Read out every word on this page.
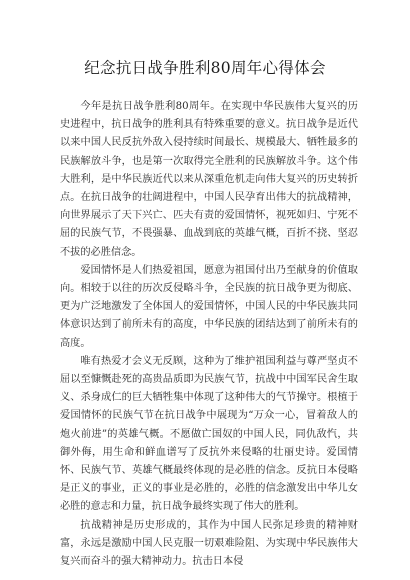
纪念抗日战争胜利80周年心得体会

今年是抗日战争胜利80周年。在实现中华民族伟大复兴的历史进程中，抗日战争的胜利具有特殊重要的意义。抗日战争是近代以来中国人民反抗外敌入侵持续时间最长、规模最大、牺牲最多的民族解放斗争，也是第一次取得完全胜利的民族解放斗争。这个伟大胜利，是中华民族近代以来从深重危机走向伟大复兴的历史转折点。在抗日战争的壮阔进程中，中国人民孕育出伟大的抗战精神，向世界展示了天下兴亡、匹夫有责的爱国情怀，视死如归、宁死不屈的民族气节，不畏强暴、血战到底的英雄气概，百折不挠、坚忍不拔的必胜信念。

爱国情怀是人们热爱祖国，愿意为祖国付出乃至献身的价值取向。相较于以往的历次反侵略斗争，全民族的抗日战争更为彻底、更为广泛地激发了全体国人的爱国情怀，中国人民的中华民族共同体意识达到了前所未有的高度，中华民族的团结达到了前所未有的高度。

唯有热爱才会义无反顾，这种为了维护祖国利益与尊严坚贞不屈以至慷慨赴死的高贵品质即为民族气节，抗战中中国军民舍生取义、杀身成仁的巨大牺牲集中体现了这种伟大的气节操守。根植于爱国情怀的民族气节在抗日战争中展现为“万众一心，冒着敌人的炮火前进”的英雄气概。不愿做亡国奴的中国人民，同仇敌忾，共御外侮，用生命和鲜血谱写了反抗外来侵略的壮丽史诗。爱国情怀、民族气节、英雄气概最终体现的是必胜的信念。反抗日本侵略是正义的事业，正义的事业是必胜的，必胜的信念激发出中华儿女必胜的意志和力量，抗日战争最终实现了伟大的胜利。

抗战精神是历史形成的，其作为中国人民弥足珍贵的精神财富，永远是激励中国人民克服一切艰难险阻、为实现中华民族伟大复兴而奋斗的强大精神动力。抗击日本侵
